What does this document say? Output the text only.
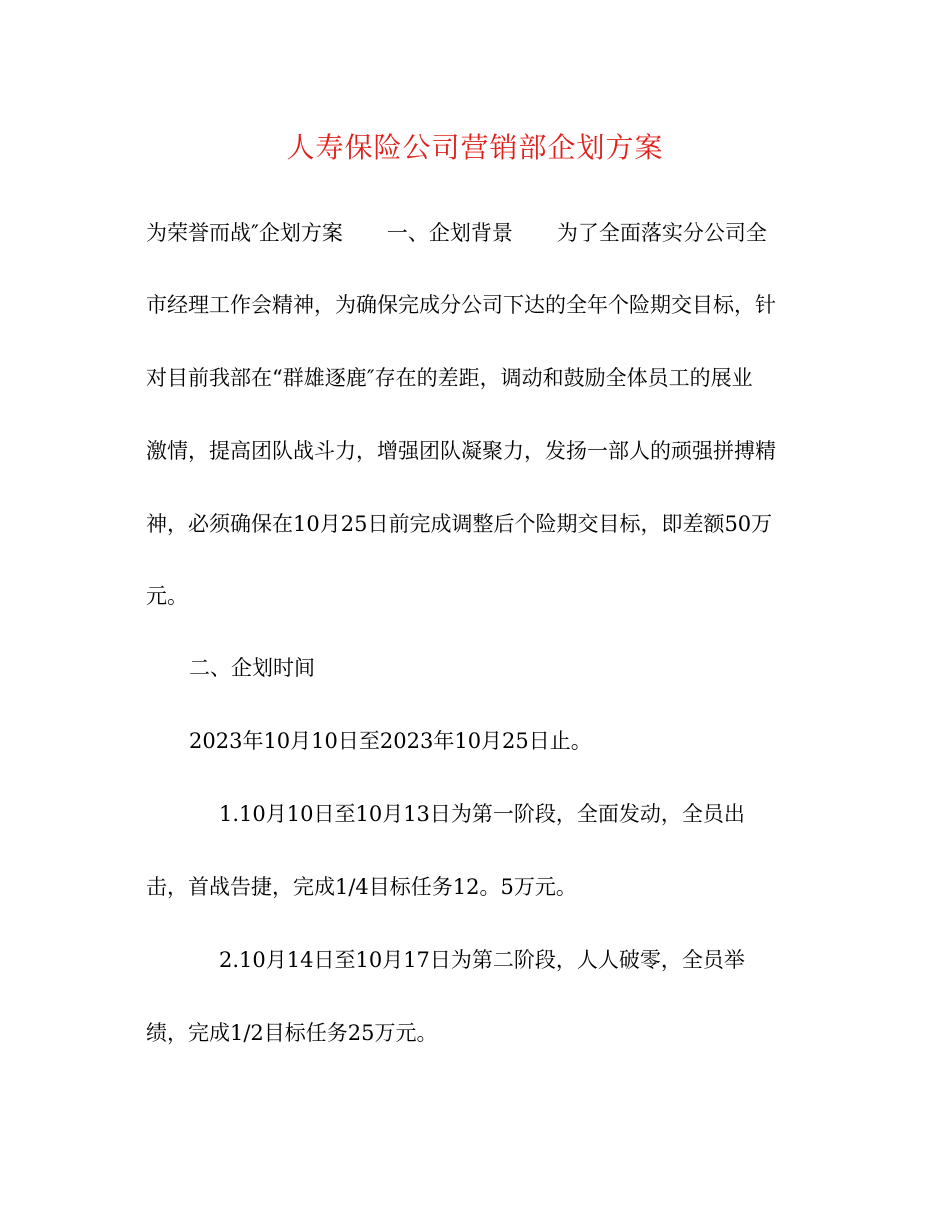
人寿保险公司营销部企划方案
为荣誉而战″企划方案 一、企划背景 为了全面落实分公司全
市经理工作会精神，为确保完成分公司下达的全年个险期交目标，针
对目前我部在“群雄逐鹿″存在的差距，调动和鼓励全体员工的展业
激情，提高团队战斗力，增强团队凝聚力，发扬一部人的顽强拼搏精
神，必须确保在10月25日前完成调整后个险期交目标，即差额50万
元。
二、企划时间
2023年10月10日至2023年10月25日止。
1.10月10日至10月13日为第一阶段，全面发动，全员出
击，首战告捷，完成1/4目标任务12。5万元。
2.10月14日至10月17日为第二阶段，人人破零，全员举
绩，完成1/2目标任务25万元。
